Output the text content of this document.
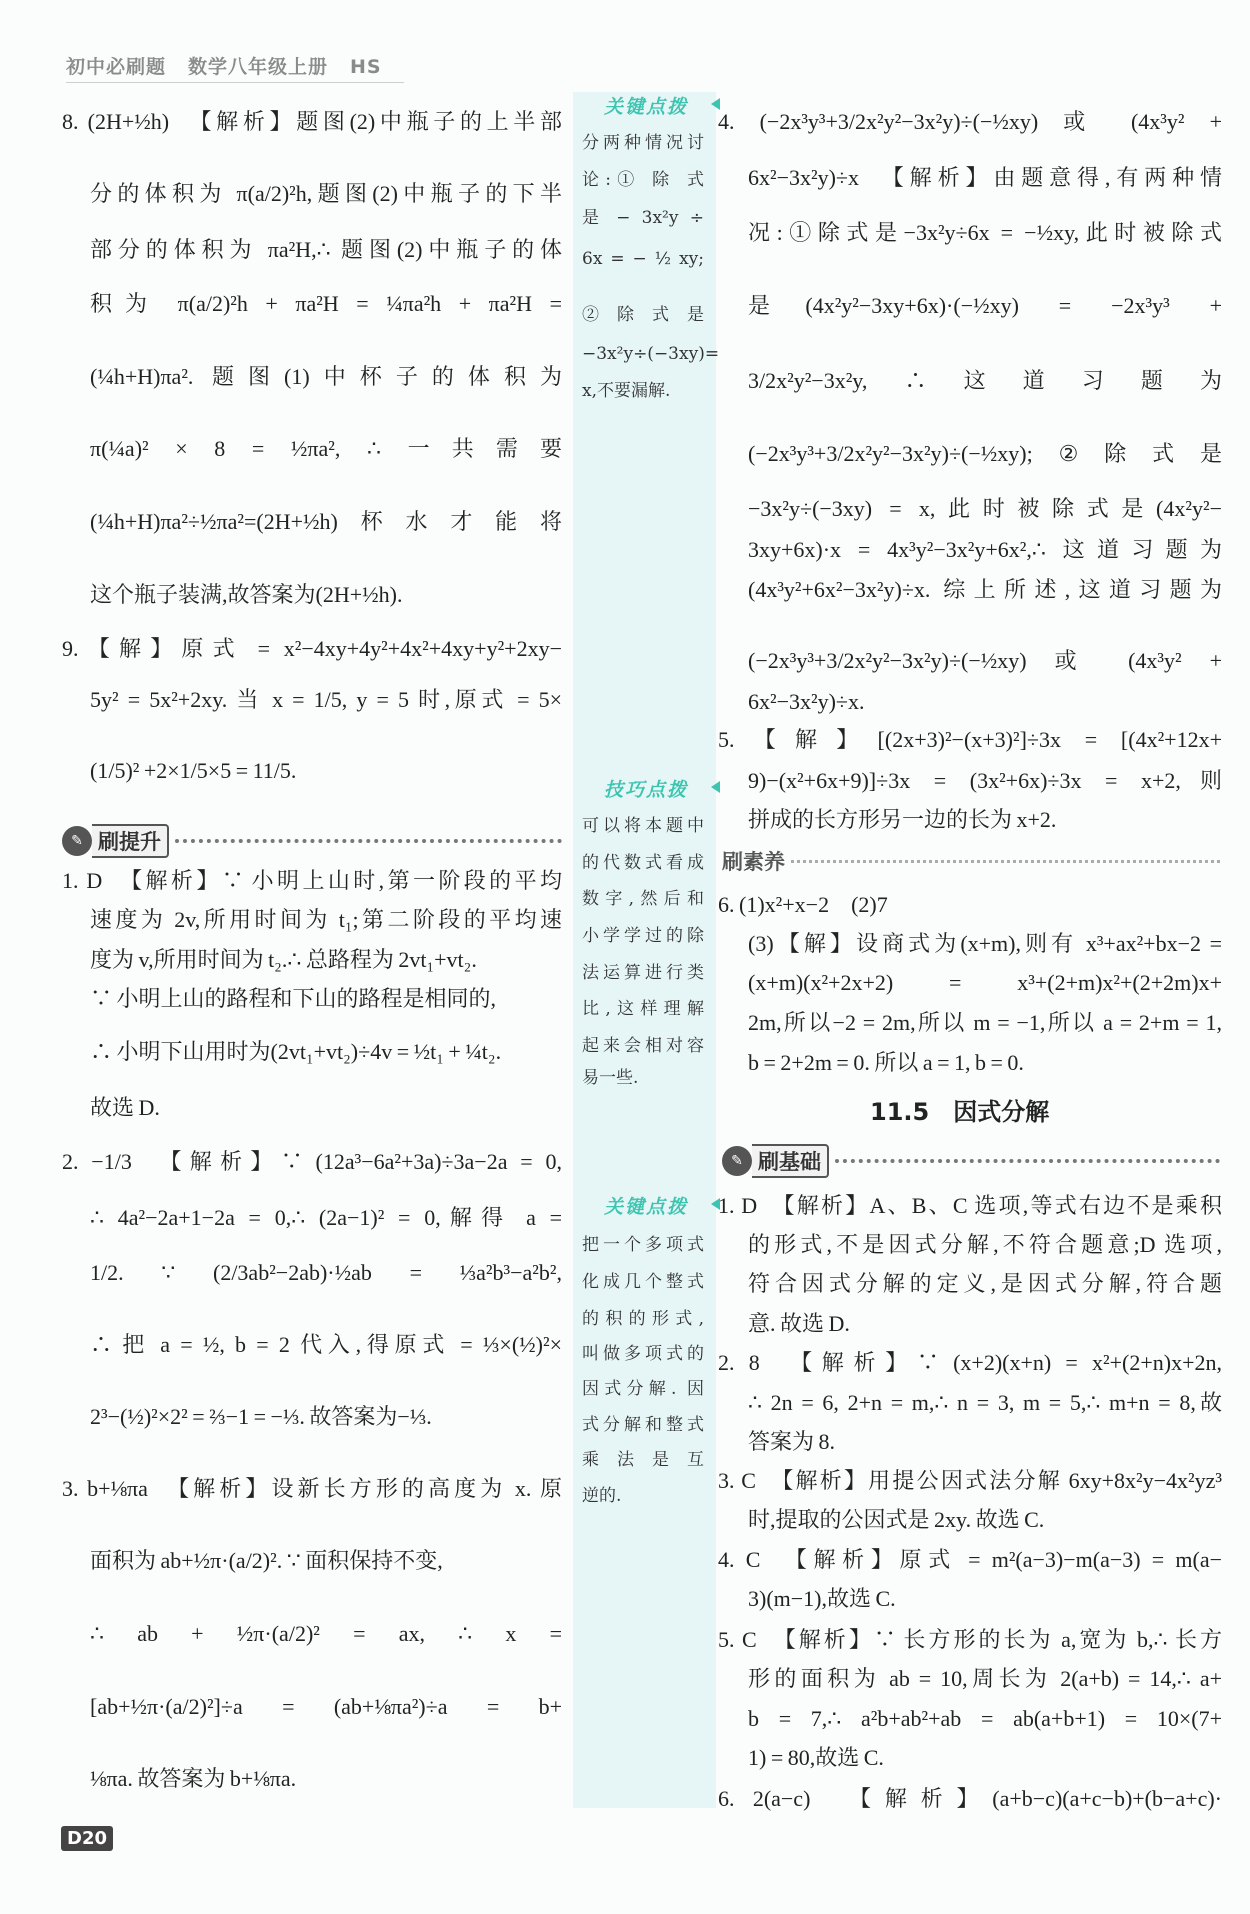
初中必刷题 数学八年级上册 HS
✎ 刷提升
刷素养
11.5　因式分解
✎ 刷基础
D20
8. (2H+½h)　【解析】题图(2)中瓶子的上半部
分的体积为 π(a/2)²h,题图(2)中瓶子的下半
部分的体积为 πa²H,∴ 题图(2)中瓶子的体
积为 π(a/2)²h + πa²H = ¼πa²h + πa²H =
(¼h+H)πa². 题图(1)中杯子的体积为
π(¼a)² × 8 = ½πa², ∴ 一共需要
(¼h+H)πa²÷½πa²=(2H+½h)杯水才能将
这个瓶子装满,故答案为(2H+½h).
9.【解】原式 = x²−4xy+4y²+4x²+4xy+y²+2xy−
5y² = 5x²+2xy. 当 x = 1/5, y = 5 时,原式 = 5×
(1/5)² +2×1/5×5 = 11/5.
1. D　【解析】∵ 小明上山时,第一阶段的平均
速度为 2v,所用时间为 t₁;第二阶段的平均速
度为 v,所用时间为 t₂.∴ 总路程为 2vt₁+vt₂.
∵ 小明上山的路程和下山的路程是相同的,
∴ 小明下山用时为(2vt₁+vt₂)÷4v = ½t₁ + ¼t₂.
故选 D.
2. −1/3　【解析】∵ (12a³−6a²+3a)÷3a−2a = 0,
∴ 4a²−2a+1−2a = 0,∴ (2a−1)² = 0,解得 a =
1/2. ∵ (2/3ab²−2ab)·½ab = ⅓a²b³−a²b²,
∴ 把 a = ½, b = 2 代入,得原式 = ⅓×(½)²×
2³−(½)²×2² = ⅔−1 = −⅓. 故答案为−⅓.
3. b+⅛πa　【解析】设新长方形的高度为 x. 原
面积为 ab+½π·(a/2)². ∵ 面积保持不变,
∴ ab + ½π·(a/2)² = ax, ∴ x =
[ab+½π·(a/2)²]÷a = (ab+⅛πa²)÷a = b+
⅛πa. 故答案为 b+⅛πa.
4. (−2x³y³+3/2x²y²−3x²y)÷(−½xy) 或 (4x³y² +
6x²−3x²y)÷x　【解析】由题意得,有两种情
况:①除式是−3x²y÷6x = −½xy,此时被除式
是(4x²y²−3xy+6x)·(−½xy) = −2x³y³ +
3/2x²y²−3x²y,　∴　这　道　习　题　为
(−2x³y³+3/2x²y²−3x²y)÷(−½xy);②除式是
−3x²y÷(−3xy) = x,此时被除式是(4x²y²−
3xy+6x)·x = 4x³y²−3x²y+6x²,∴ 这道习题为
(4x³y²+6x²−3x²y)÷x. 综上所述,这道习题为
(−2x³y³+3/2x²y²−3x²y)÷(−½xy) 或 (4x³y² +
6x²−3x²y)÷x.
5.【解】[(2x+3)²−(x+3)²]÷3x = [(4x²+12x+
9)−(x²+6x+9)]÷3x = (3x²+6x)÷3x = x+2,则
拼成的长方形另一边的长为 x+2.
6. (1)x²+x−2　(2)7
(3)【解】设商式为(x+m),则有 x³+ax²+bx−2 =
(x+m)(x²+2x+2) = x³+(2+m)x²+(2+2m)x+
2m,所以−2 = 2m,所以 m = −1,所以 a = 2+m = 1,
b = 2+2m = 0. 所以 a = 1, b = 0.
1. D　【解析】A、B、C 选项,等式右边不是乘积
的形式,不是因式分解,不符合题意;D 选项,
符合因式分解的定义,是因式分解,符合题
意. 故选 D.
2. 8　【解析】∵ (x+2)(x+n) = x²+(2+n)x+2n,
∴ 2n = 6, 2+n = m,∴ n = 3, m = 5,∴ m+n = 8,故
答案为 8.
3. C　【解析】用提公因式法分解 6xy+8x²y−4x²yz³
时,提取的公因式是 2xy. 故选 C.
4. C　【解析】原式 = m²(a−3)−m(a−3) = m(a−
3)(m−1),故选 C.
5. C　【解析】∵ 长方形的长为 a,宽为 b,∴ 长方
形的面积为 ab = 10,周长为 2(a+b) = 14,∴ a+
b = 7,∴ a²b+ab²+ab = ab(a+b+1) = 10×(7+
1) = 80,故选 C.
6. 2(a−c)　【解析】(a+b−c)(a+c−b)+(b−a+c)·
关键点拨
分两种情况讨
论:① 除 式
是 − 3x²y ÷
6x = − ½ xy;
② 除 式 是
−3x²y÷(−3xy)=
x,不要漏解.
技巧点拨
可以将本题中
的代数式看成
数字,然后和
小学学过的除
法运算进行类
比,这样理解
起来会相对容
易一些.
关键点拨
把一个多项式
化成几个整式
的积的形式,
叫做多项式的
因式分解. 因
式分解和整式
乘 法 是 互
逆的.
